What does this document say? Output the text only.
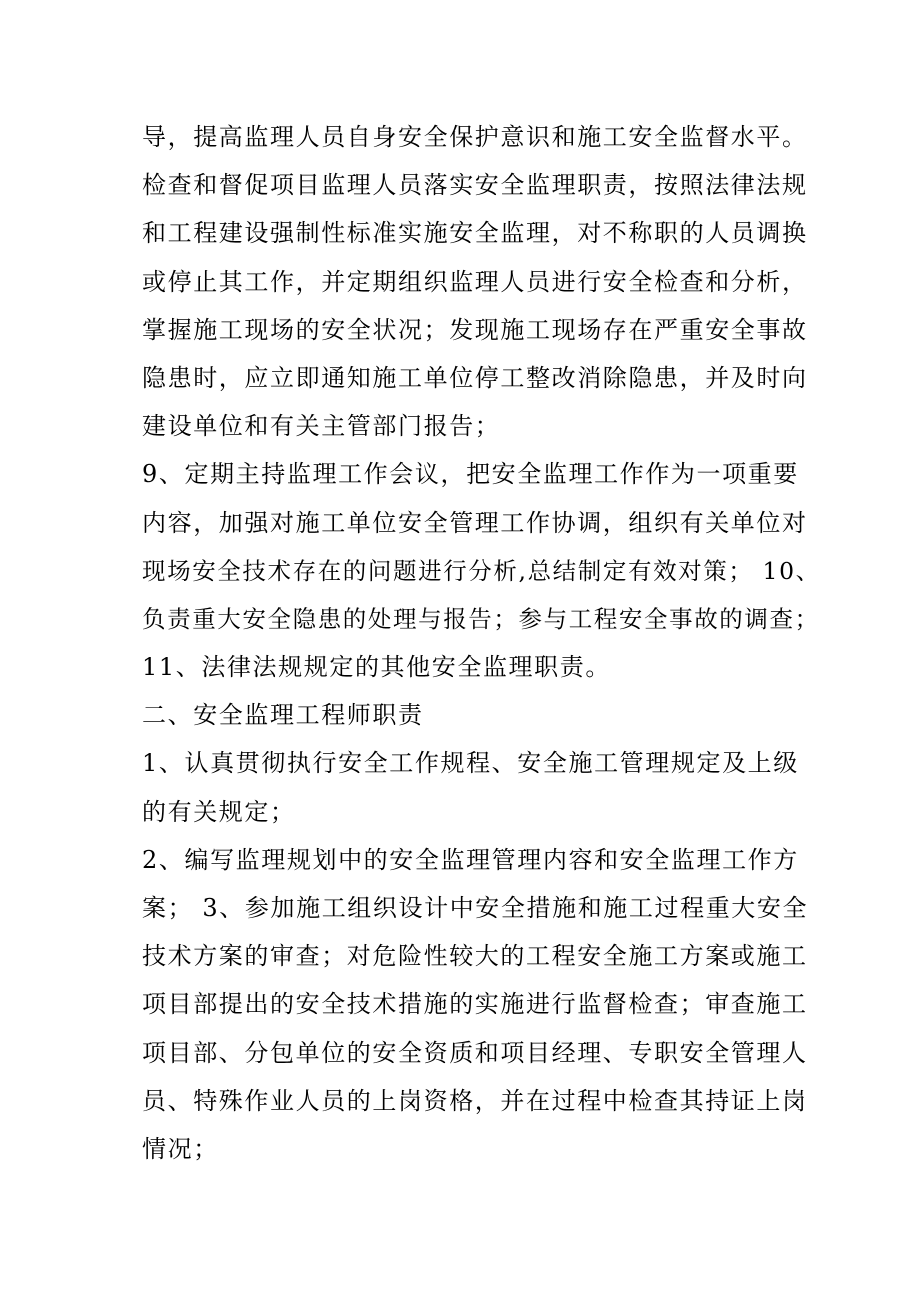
导，提高监理人员自身安全保护意识和施工安全监督水平。
检查和督促项目监理人员落实安全监理职责，按照法律法规
和工程建设强制性标准实施安全监理，对不称职的人员调换
或停止其工作，并定期组织监理人员进行安全检查和分析，
掌握施工现场的安全状况；发现施工现场存在严重安全事故
隐患时，应立即通知施工单位停工整改消除隐患，并及时向
建设单位和有关主管部门报告；
9、定期主持监理工作会议，把安全监理工作作为一项重要
内容，加强对施工单位安全管理工作协调，组织有关单位对
现场安全技术存在的问题进行分析,总结制定有效对策； 10、
负责重大安全隐患的处理与报告；参与工程安全事故的调查；
11、法律法规规定的其他安全监理职责。
二、安全监理工程师职责
1、认真贯彻执行安全工作规程、安全施工管理规定及上级
的有关规定；
2、编写监理规划中的安全监理管理内容和安全监理工作方
案； 3、参加施工组织设计中安全措施和施工过程重大安全
技术方案的审查；对危险性较大的工程安全施工方案或施工
项目部提出的安全技术措施的实施进行监督检查；审查施工
项目部、分包单位的安全资质和项目经理、专职安全管理人
员、特殊作业人员的上岗资格，并在过程中检查其持证上岗
情况；
